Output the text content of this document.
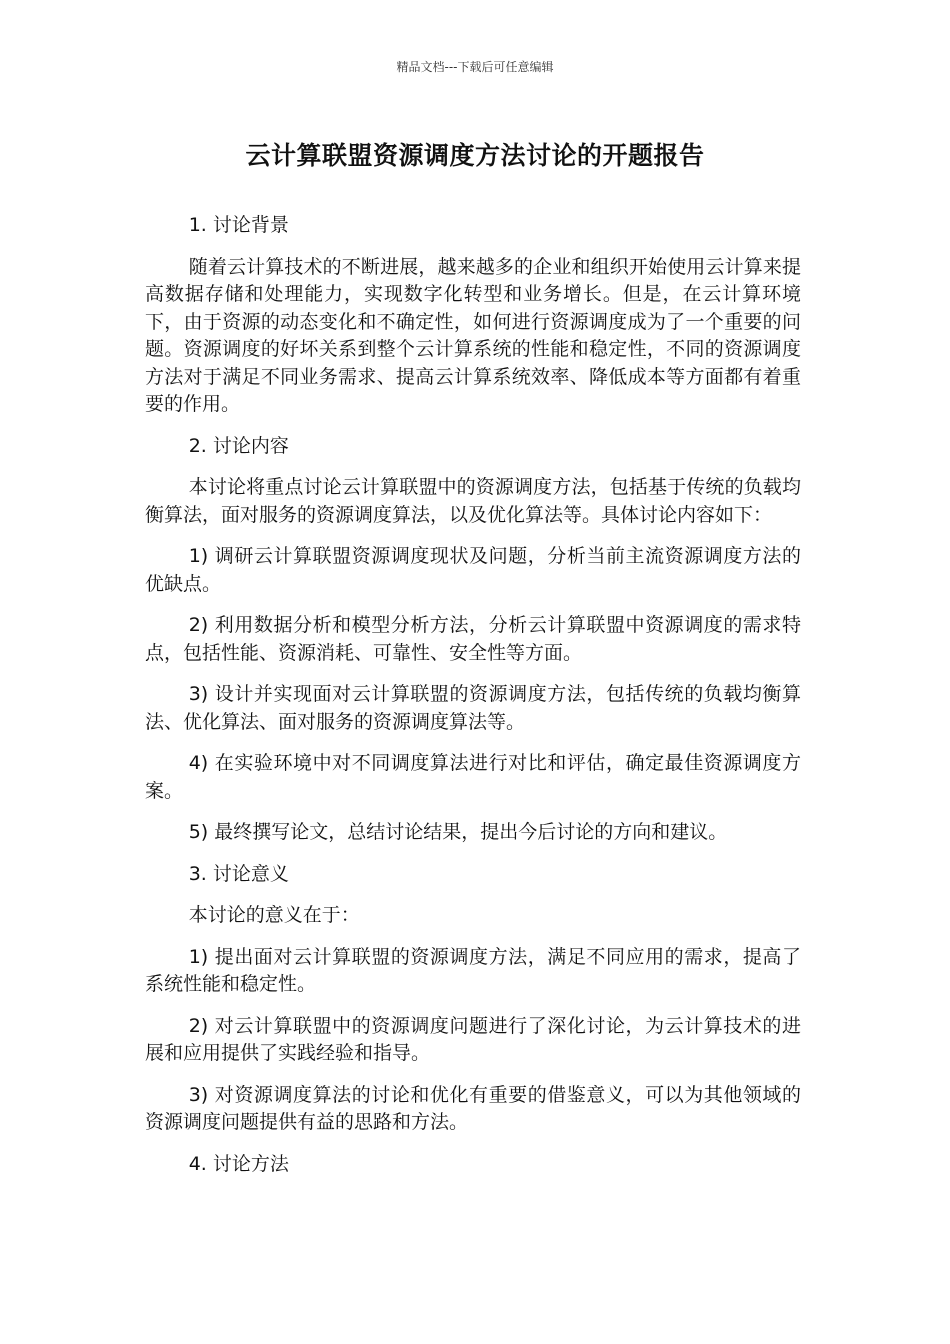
精品文档---下载后可任意编辑
云计算联盟资源调度方法讨论的开题报告

1. 讨论背景

随着云计算技术的不断进展，越来越多的企业和组织开始使用云计算来提高数据存储和处理能力，实现数字化转型和业务增长。但是，在云计算环境下，由于资源的动态变化和不确定性，如何进行资源调度成为了一个重要的问题。资源调度的好坏关系到整个云计算系统的性能和稳定性，不同的资源调度方法对于满足不同业务需求、提高云计算系统效率、降低成本等方面都有着重要的作用。

2. 讨论内容

本讨论将重点讨论云计算联盟中的资源调度方法，包括基于传统的负载均衡算法，面对服务的资源调度算法，以及优化算法等。具体讨论内容如下：

1) 调研云计算联盟资源调度现状及问题，分析当前主流资源调度方法的优缺点。

2) 利用数据分析和模型分析方法，分析云计算联盟中资源调度的需求特点，包括性能、资源消耗、可靠性、安全性等方面。

3) 设计并实现面对云计算联盟的资源调度方法，包括传统的负载均衡算法、优化算法、面对服务的资源调度算法等。

4) 在实验环境中对不同调度算法进行对比和评估，确定最佳资源调度方案。

5) 最终撰写论文，总结讨论结果，提出今后讨论的方向和建议。

3. 讨论意义

本讨论的意义在于：

1) 提出面对云计算联盟的资源调度方法，满足不同应用的需求，提高了系统性能和稳定性。

2) 对云计算联盟中的资源调度问题进行了深化讨论，为云计算技术的进展和应用提供了实践经验和指导。

3) 对资源调度算法的讨论和优化有重要的借鉴意义，可以为其他领域的资源调度问题提供有益的思路和方法。

4. 讨论方法
